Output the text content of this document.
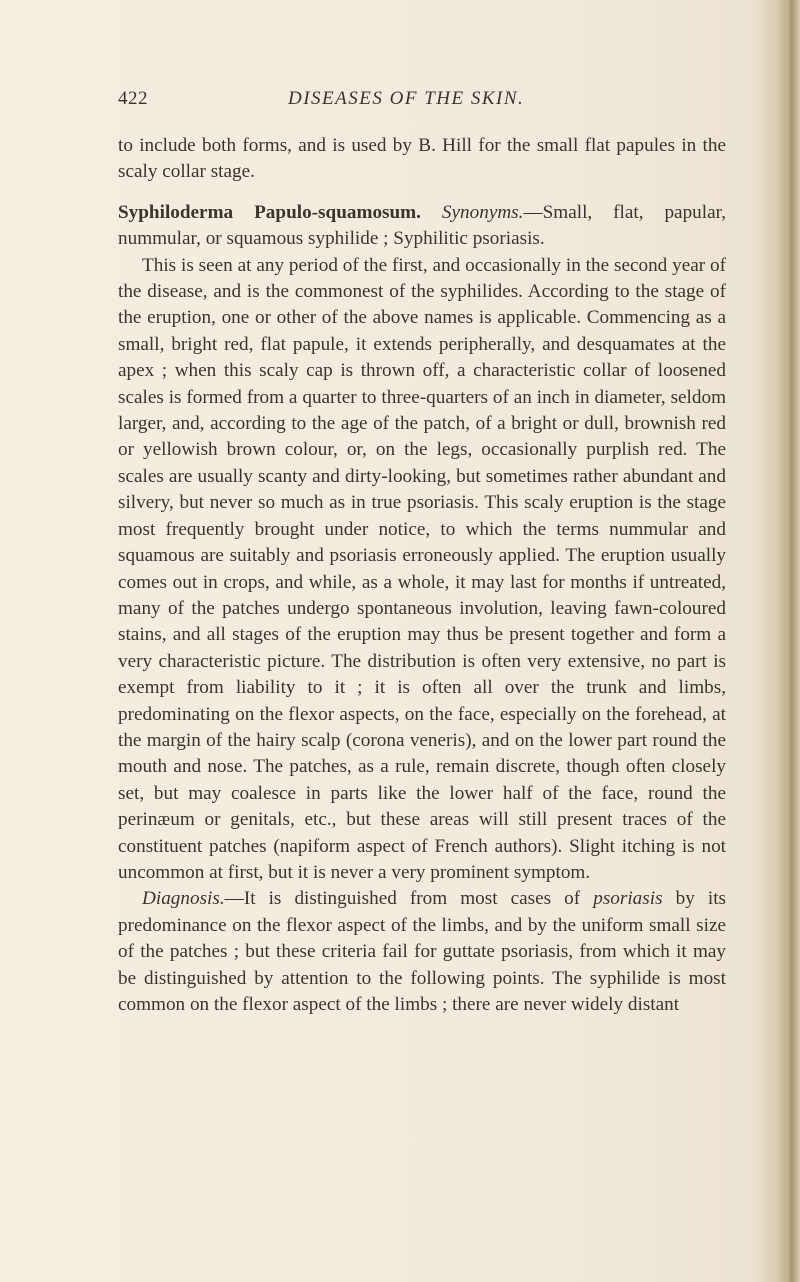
422	DISEASES OF THE SKIN.

to include both forms, and is used by B. Hill for the small flat papules in the scaly collar stage.

Syphiloderma Papulo-squamosum. Synonyms.—Small, flat, papular, nummular, or squamous syphilide ; Syphilitic psoriasis.

This is seen at any period of the first, and occasionally in the second year of the disease, and is the commonest of the syphilides. According to the stage of the eruption, one or other of the above names is applicable. Commencing as a small, bright red, flat papule, it extends peripherally, and desquamates at the apex ; when this scaly cap is thrown off, a characteristic collar of loosened scales is formed from a quarter to three-quarters of an inch in diameter, seldom larger, and, according to the age of the patch, of a bright or dull, brownish red or yellowish brown colour, or, on the legs, occasionally purplish red. The scales are usually scanty and dirty-looking, but sometimes rather abundant and silvery, but never so much as in true psoriasis. This scaly eruption is the stage most frequently brought under notice, to which the terms nummular and squamous are suitably and psoriasis erroneously applied. The eruption usually comes out in crops, and while, as a whole, it may last for months if untreated, many of the patches undergo spontaneous involution, leaving fawn-coloured stains, and all stages of the eruption may thus be present together and form a very characteristic picture. The distribution is often very extensive, no part is exempt from liability to it ; it is often all over the trunk and limbs, predominating on the flexor aspects, on the face, especially on the forehead, at the margin of the hairy scalp (corona veneris), and on the lower part round the mouth and nose. The patches, as a rule, remain discrete, though often closely set, but may coalesce in parts like the lower half of the face, round the perinæum or genitals, etc., but these areas will still present traces of the constituent patches (napiform aspect of French authors). Slight itching is not uncommon at first, but it is never a very prominent symptom.

Diagnosis.—It is distinguished from most cases of psoriasis by its predominance on the flexor aspect of the limbs, and by the uniform small size of the patches ; but these criteria fail for guttate psoriasis, from which it may be distinguished by attention to the following points. The syphilide is most common on the flexor aspect of the limbs ; there are never widely distant
